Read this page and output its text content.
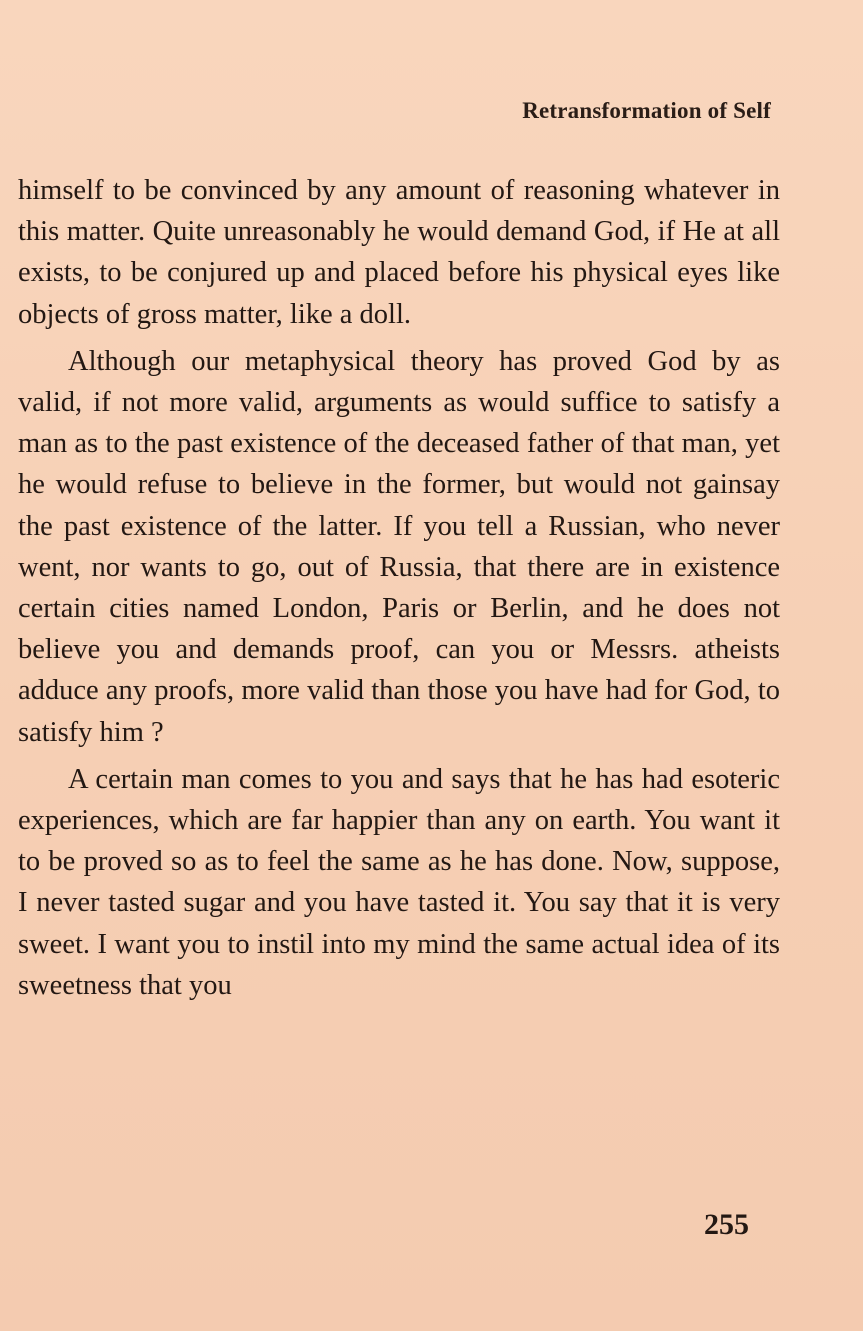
Retransformation of Self

himself to be convinced by any amount of reasoning whatever in this matter. Quite unreasonably he would demand God, if He at all exists, to be conjured up and placed before his physical eyes like objects of gross matter, like a doll.

Although our metaphysical theory has proved God by as valid, if not more valid, arguments as would suffice to satisfy a man as to the past existence of the deceased father of that man, yet he would refuse to believe in the former, but would not gainsay the past existence of the latter. If you tell a Russian, who never went, nor wants to go, out of Russia, that there are in existence certain cities named London, Paris or Berlin, and he does not believe you and demands proof, can you or Messrs. atheists adduce any proofs, more valid than those you have had for God, to satisfy him ?

A certain man comes to you and says that he has had esoteric experiences, which are far happier than any on earth. You want it to be proved so as to feel the same as he has done. Now, suppose, I never tasted sugar and you have tasted it. You say that it is very sweet. I want you to instil into my mind the same actual idea of its sweetness that you

255
